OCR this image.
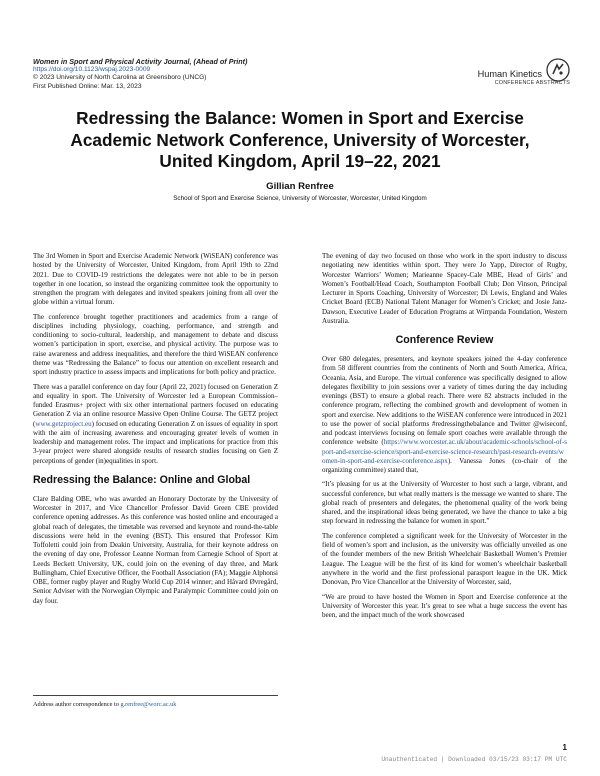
Women in Sport and Physical Activity Journal, (Ahead of Print)
https://doi.org/10.1123/wspaj.2023-0009
© 2023 University of North Carolina at Greensboro (UNCG)
First Published Online: Mar. 13, 2023
Human Kinetics
CONFERENCE ABSTRACTS
Redressing the Balance: Women in Sport and Exercise
Academic Network Conference, University of Worcester,
United Kingdom, April 19–22, 2021
Gillian Renfree
School of Sport and Exercise Science, University of Worcester, Worcester, United Kingdom

The 3rd Women in Sport and Exercise Academic Network (WiSEAN) conference was hosted by the University of Worcester, United Kingdom, from April 19th to 22nd 2021. Due to COVID-19 restrictions the delegates were not able to be in person together in one location, so instead the organizing committee took the opportunity to strengthen the program with delegates and invited speakers joining from all over the globe within a virtual forum.

The conference brought together practitioners and academics from a range of disciplines including physiology, coaching, performance, and strength and conditioning to socio-cultural, leadership, and management to debate and discuss women’s participation in sport, exercise, and physical activity. The purpose was to raise awareness and address inequalities, and therefore the third WiSEAN conference theme was “Redressing the Balance” to focus our attention on excellent research and sport industry practice to assess impacts and implications for both policy and practice.

There was a parallel conference on day four (April 22, 2021) focused on Generation Z and equality in sport. The University of Worcester led a European Commission–funded Erasmus+ project with six other international partners focused on educating Generation Z via an online resource Massive Open Online Course. The GETZ project (www.getzproject.eu) focused on educating Generation Z on issues of equality in sport with the aim of increasing awareness and encouraging greater levels of women in leadership and management roles. The impact and implications for practice from this 3-year project were shared alongside results of research studies focusing on Gen Z perceptions of gender (in)equalities in sport.

Redressing the Balance: Online and Global

Clare Balding OBE, who was awarded an Honorary Doctorate by the University of Worcester in 2017, and Vice Chancellor Professor David Green CBE provided conference opening addresses. As this conference was hosted online and encouraged a global reach of delegates, the timetable was reversed and keynote and round-the-table discussions were held in the evening (BST). This ensured that Professor Kim Toffoletti could join from Deakin University, Australia, for their keynote address on the evening of day one, Professor Leanne Norman from Carnegie School of Sport at Leeds Beckett University, UK, could join on the evening of day three, and Mark Bullingham, Chief Executive Officer, the Football Association (FA); Maggie Alphonsi OBE, former rugby player and Rugby World Cup 2014 winner; and Håvard Øvregård, Senior Adviser with the Norwegian Olympic and Paralympic Committee could join on day four.

Address author correspondence to g.renfree@worc.ac.uk

The evening of day two focused on those who work in the sport industry to discuss negotiating new identities within sport. They were Jo Yapp, Director of Rugby, Worcester Warriors’ Women; Marieanne Spacey-Cale MBE, Head of Girls’ and Women’s Football/Head Coach, Southampton Football Club; Don Vinson, Principal Lecturer in Sports Coaching, University of Worcester; Di Lewis, England and Wales Cricket Board (ECB) National Talent Manager for Women’s Cricket; and Josie Janz-Dawson, Executive Leader of Education Programs at Wirrpanda Foundation, Western Australia.

Conference Review

Over 680 delegates, presenters, and keynote speakers joined the 4-day conference from 58 different countries from the continents of North and South America, Africa, Oceania, Asia, and Europe. The virtual conference was specifically designed to allow delegates flexibility to join sessions over a variety of times during the day including evenings (BST) to ensure a global reach. There were 82 abstracts included in the conference program, reflecting the combined growth and development of women in sport and exercise. New additions to the WiSEAN conference were introduced in 2021 to use the power of social platforms #redressingthebalance and Twitter @wiseconf, and podcast interviews focusing on female sport coaches were available through the conference website (https://www.worcester.ac.uk/about/academic-schools/school-of-sport-and-exercise-science/sport-and-exercise-science-research/past-research-events/women-in-sport-and-exercise-conference.aspx). Vanessa Jones (co-chair of the organizing committee) stated that,

“It’s pleasing for us at the University of Worcester to host such a large, vibrant, and successful conference, but what really matters is the message we wanted to share. The global reach of presenters and delegates, the phenomenal quality of the work being shared, and the inspirational ideas being generated, we have the chance to take a big step forward in redressing the balance for women in sport.”

The conference completed a significant week for the University of Worcester in the field of women’s sport and inclusion, as the university was officially unveiled as one of the founder members of the new British Wheelchair Basketball Women’s Premier League. The League will be the first of its kind for women’s wheelchair basketball anywhere in the world and the first professional parasport league in the UK. Mick Donovan, Pro Vice Chancellor at the University of Worcester, said,

“We are proud to have hosted the Women in Sport and Exercise conference at the University of Worcester this year. It’s great to see what a huge success the event has been, and the impact much of the work showcased

1
Unauthenticated | Downloaded 03/15/23 03:17 PM UTC
